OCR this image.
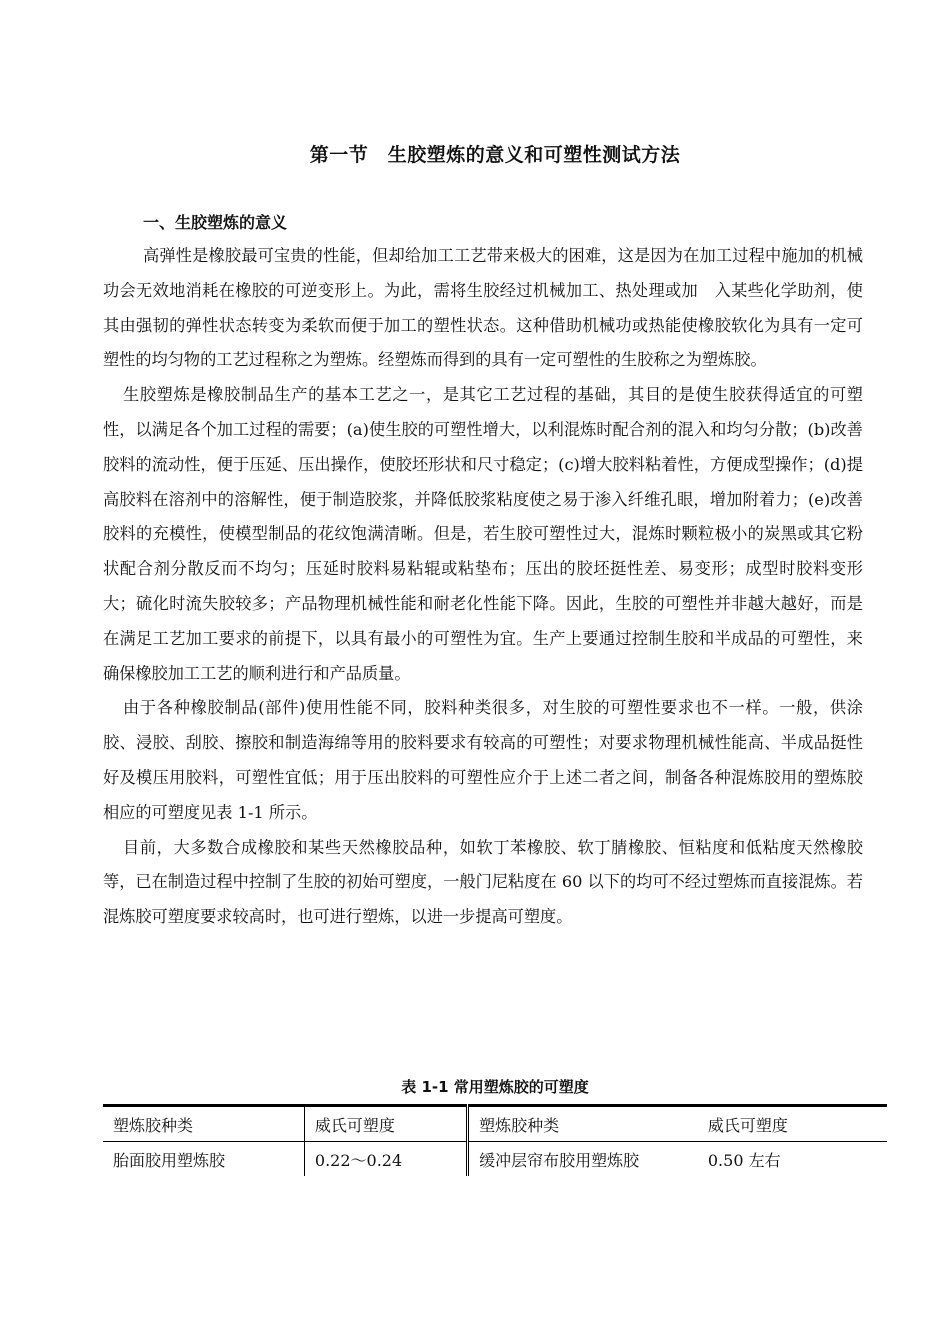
第一节　生胶塑炼的意义和可塑性测试方法
一、生胶塑炼的意义

高弹性是橡胶最可宝贵的性能，但却给加工工艺带来极大的困难，这是因为在加工过程中施加的机械功会无效地消耗在橡胶的可逆变形上。为此，需将生胶经过机械加工、热处理或加　入某些化学助剂，使其由强韧的弹性状态转变为柔软而便于加工的塑性状态。这种借助机械功或热能使橡胶软化为具有一定可塑性的均匀物的工艺过程称之为塑炼。经塑炼而得到的具有一定可塑性的生胶称之为塑炼胶。

生胶塑炼是橡胶制品生产的基本工艺之一，是其它工艺过程的基础，其目的是使生胶获得适宜的可塑性，以满足各个加工过程的需要；(a)使生胶的可塑性增大，以利混炼时配合剂的混入和均匀分散；(b)改善胶料的流动性，便于压延、压出操作，使胶坯形状和尺寸稳定；(c)增大胶料粘着性，方便成型操作；(d)提高胶料在溶剂中的溶解性，便于制造胶浆，并降低胶浆粘度使之易于渗入纤维孔眼，增加附着力；(e)改善胶料的充模性，使模型制品的花纹饱满清晰。但是，若生胶可塑性过大，混炼时颗粒极小的炭黑或其它粉状配合剂分散反而不均匀；压延时胶料易粘辊或粘垫布；压出的胶坯挺性差、易变形；成型时胶料变形大；硫化时流失胶较多；产品物理机械性能和耐老化性能下降。因此，生胶的可塑性并非越大越好，而是在满足工艺加工要求的前提下，以具有最小的可塑性为宜。生产上要通过控制生胶和半成品的可塑性，来确保橡胶加工工艺的顺利进行和产品质量。

由于各种橡胶制品(部件)使用性能不同，胶料种类很多，对生胶的可塑性要求也不一样。一般，供涂胶、浸胶、刮胶、擦胶和制造海绵等用的胶料要求有较高的可塑性；对要求物理机械性能高、半成品挺性好及模压用胶料，可塑性宜低；用于压出胶料的可塑性应介于上述二者之间，制备各种混炼胶用的塑炼胶相应的可塑度见表 1-1 所示。

目前，大多数合成橡胶和某些天然橡胶品种，如软丁苯橡胶、软丁腈橡胶、恒粘度和低粘度天然橡胶等，已在制造过程中控制了生胶的初始可塑度，一般门尼粘度在 60 以下的均可不经过塑炼而直接混炼。若混炼胶可塑度要求较高时，也可进行塑炼，以进一步提高可塑度。

表 1-1 常用塑炼胶的可塑度
塑炼胶种类	威氏可塑度	塑炼胶种类	威氏可塑度
胎面胶用塑炼胶	0.22～0.24	缓冲层帘布胶用塑炼胶	0.50 左右
